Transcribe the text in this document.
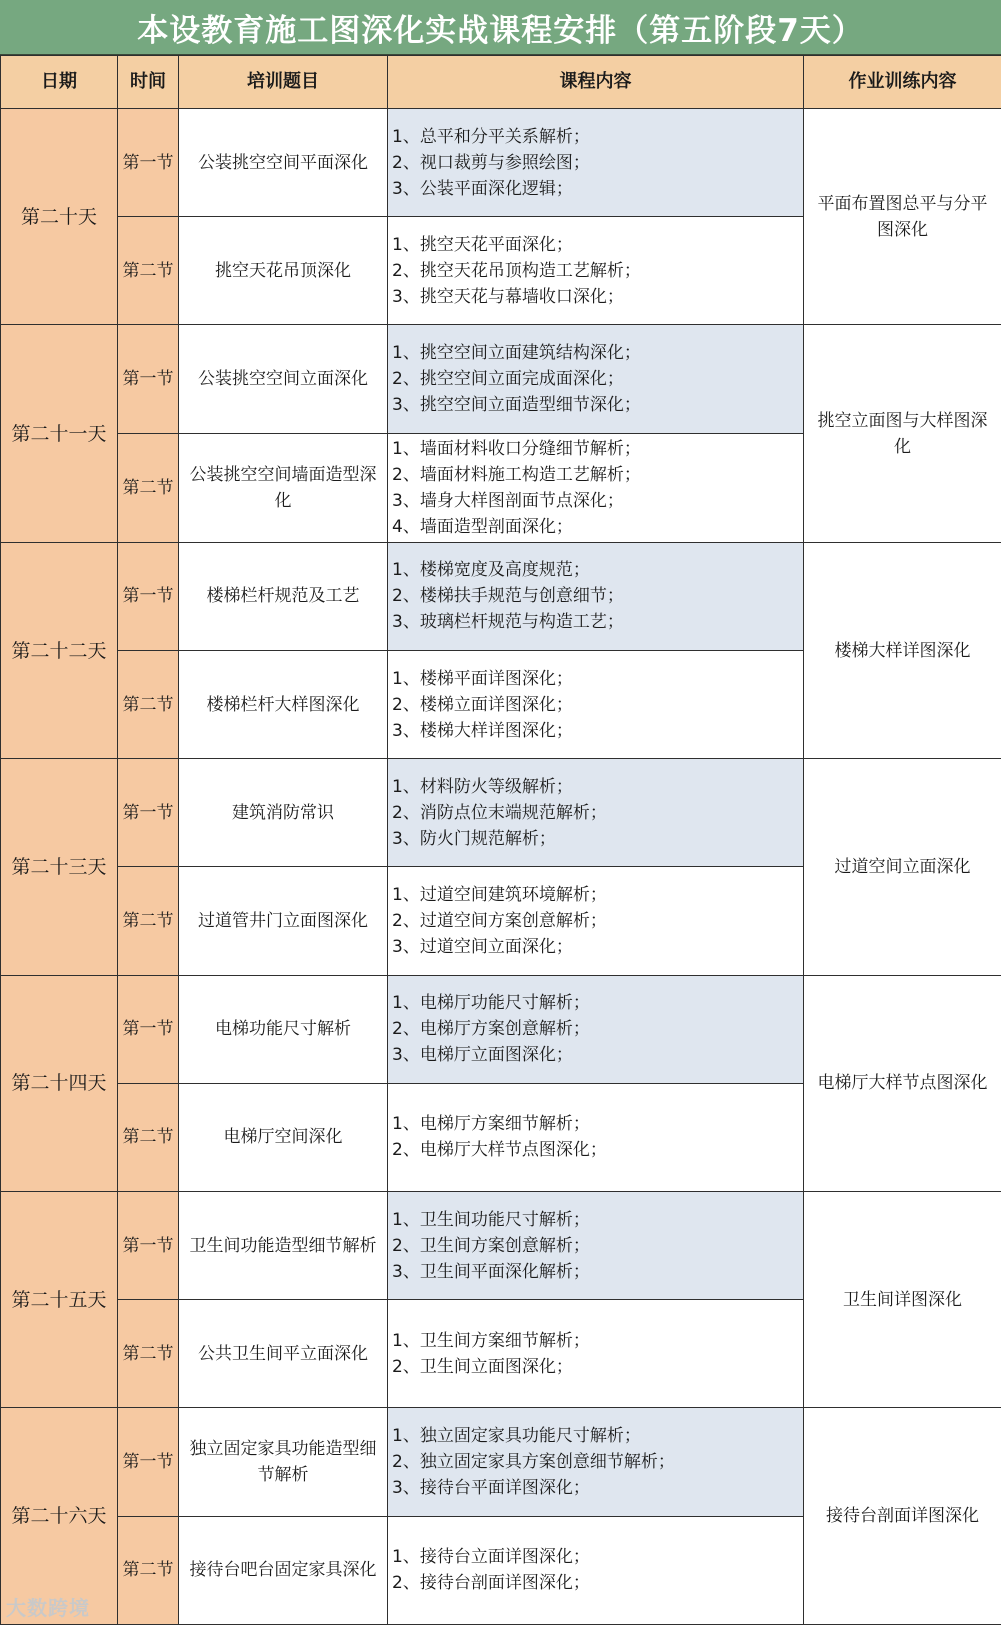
本设教育施工图深化实战课程安排（第五阶段7天）
日期	时间	培训题目	课程内容	作业训练内容
第二十天	第一节	公装挑空空间平面深化	1、总平和分平关系解析；
2、视口裁剪与参照绘图；
3、公装平面深化逻辑；	平面布置图总平与分平图深化
	第二节	挑空天花吊顶深化	1、挑空天花平面深化；
2、挑空天花吊顶构造工艺解析；
3、挑空天花与幕墙收口深化；	

第二十一天	第一节	公装挑空空间立面深化	1、挑空空间立面建筑结构深化；
2、挑空空间立面完成面深化；
3、挑空空间立面造型细节深化；	挑空立面图与大样图深化
	第二节	公装挑空空间墙面造型深化	1、墙面材料收口分缝细节解析；
2、墙面材料施工构造工艺解析；
3、墙身大样图剖面节点深化；
4、墙面造型剖面深化；	

第二十二天	第一节	楼梯栏杆规范及工艺	1、楼梯宽度及高度规范；
2、楼梯扶手规范与创意细节；
3、玻璃栏杆规范与构造工艺；	楼梯大样详图深化
	第二节	楼梯栏杆大样图深化	1、楼梯平面详图深化；
2、楼梯立面详图深化；
3、楼梯大样详图深化；	

第二十三天	第一节	建筑消防常识	1、材料防火等级解析；
2、消防点位末端规范解析；
3、防火门规范解析；	过道空间立面深化
	第二节	过道管井门立面图深化	1、过道空间建筑环境解析；
2、过道空间方案创意解析；
3、过道空间立面深化；	

第二十四天	第一节	电梯功能尺寸解析	1、电梯厅功能尺寸解析；
2、电梯厅方案创意解析；
3、电梯厅立面图深化；	电梯厅大样节点图深化
	第二节	电梯厅空间深化	1、电梯厅方案细节解析；
2、电梯厅大样节点图深化；	

第二十五天	第一节	卫生间功能造型细节解析	1、卫生间功能尺寸解析；
2、卫生间方案创意解析；
3、卫生间平面深化解析；	卫生间详图深化
	第二节	公共卫生间平立面深化	1、卫生间方案细节解析；
2、卫生间立面图深化；	

第二十六天	第一节	独立固定家具功能造型细节解析	1、独立固定家具功能尺寸解析；
2、独立固定家具方案创意细节解析；
3、接待台平面详图深化；	接待台剖面详图深化
	第二节	接待台吧台固定家具深化	1、接待台立面详图深化；
2、接待台剖面详图深化；	
大数跨境
